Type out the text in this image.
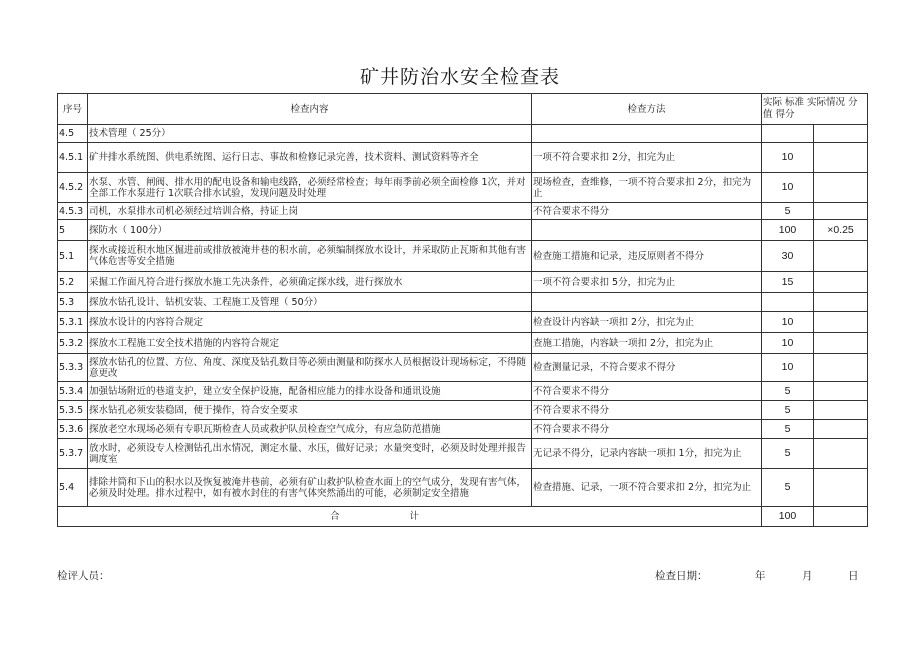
矿井防治水安全检查表
序号	检查内容	检查方法	实际 标准 实际情况 分值 得分	
4.5	技术管理（ 25分）			
4.5.1	矿井排水系统图、供电系统图、运行日志、事故和检修记录完善，技术资料、测试资料等齐全	一项不符合要求扣 2分，扣完为止	10	
4.5.2	水泵、水管、闸阀、排水用的配电设备和输电线路，必须经常检查；每年雨季前必须全面检修 1次，并对全部工作水泵进行 1次联合排水试验，发现问题及时处理	现场检查，查维修，一项不符合要求扣 2分，扣完为止	10	
4.5.3	司机，水泵排水司机必须经过培训合格，持证上岗	不符合要求不得分	5	
5	探防水（ 100分）		100	×0.25
5.1	探水或接近积水地区掘进前或排放被淹井巷的积水前，必须编制探放水设计，并采取防止瓦斯和其他有害气体危害等安全措施	检查施工措施和记录，违反原则者不得分	30	
5.2	采掘工作面凡符合进行探放水施工先决条件，必须确定探水线，进行探放水	一项不符合要求扣 5分，扣完为止	15	
5.3	探放水钻孔设计、钻机安装、工程施工及管理（ 50分）			
5.3.1	探放水设计的内容符合规定	检查设计内容缺一项扣 2分，扣完为止	10	
5.3.2	探放水工程施工安全技术措施的内容符合规定	查施工措施，内容缺一项扣 2分，扣完为止	10	
5.3.3	探放水钻孔的位置、方位、角度、深度及钻孔数目等必须由测量和防探水人员根据设计现场标定，不得随意更改	检查测量记录，不符合要求不得分	10	
5.3.4	加强钻场附近的巷道支护，建立安全保护设施，配备相应能力的排水设备和通讯设施	不符合要求不得分	5	
5.3.5	探水钻孔必须安装稳固，便于操作，符合安全要求	不符合要求不得分	5	
5.3.6	探放老空水现场必须有专职瓦斯检查人员或救护队员检查空气成分，有应急防范措施	不符合要求不得分	5	
5.3.7	放水时，必须设专人检测钻孔出水情况，测定水量、水压，做好记录；水量突变时，必须及时处理并报告调度室	无记录不得分，记录内容缺一项扣 1分，扣完为止	5	
5.4	排除井筒和下山的积水以及恢复被淹井巷前，必须有矿山救护队检查水面上的空气成分，发现有害气体，必须及时处理。排水过程中，如有被水封住的有害气体突然涌出的可能，必须制定安全措施	检查措施、记录，一项不符合要求扣 2分，扣完为止	5	
合计			100	
检评人员：	检查日期：	年	月	日
